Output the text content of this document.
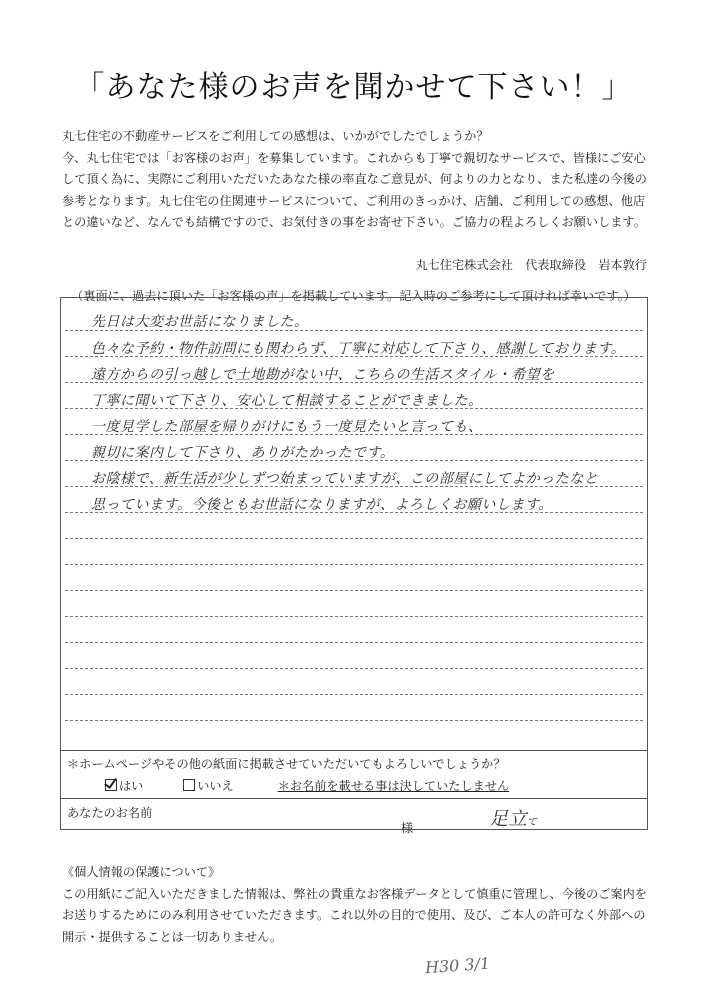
「あなた様のお声を聞かせて下さい！」

丸七住宅の不動産サービスをご利用しての感想は、いかがでしたでしょうか？

今、丸七住宅では「お客様のお声」を募集しています。これからも丁寧で親切なサービスで、皆様にご安心

して頂く為に、実際にご利用いただいたあなた様の率直なご意見が、何よりの力となり、また私達の今後の

参考となります。丸七住宅の住関連サービスについて、ご利用のきっかけ、店舗、ご利用しての感想、他店

との違いなど、なんでも結構ですので、お気付きの事をお寄せ下さい。ご協力の程よろしくお願いします。

丸七住宅株式会社　代表取締役　岩本敦行
（裏面に、過去に頂いた「お客様の声」を掲載しています。記入時のご参考にして頂ければ幸いです。）
先日は大変お世話になりました。
色々な予約・物件訪問にも関わらず、丁寧に対応して下さり、感謝しております。
遠方からの引っ越しで土地勘がない中、こちらの生活スタイル・希望を
丁寧に聞いて下さり、安心して相談することができました。
一度見学した部屋を帰りがけにもう一度見たいと言っても、
親切に案内して下さり、ありがたかったです。
お陰様で、新生活が少しずつ始まっていますが、この部屋にしてよかったなと
思っています。今後ともお世話になりますが、よろしくお願いします。
＊ホームページやその他の紙面に掲載させていただいてもよろしいでしょうか？
はい	いいえ	＊お名前を載せる事は決していたしません
あなたのお名前
様	足立て

《個人情報の保護について》

この用紙にご記入いただきました情報は、弊社の貴重なお客様データとして慎重に管理し、今後のご案内を

お送りするためにのみ利用させていただきます。これ以外の目的で使用、及び、ご本人の許可なく外部への

開示・提供することは一切ありません。

H30 3/1
